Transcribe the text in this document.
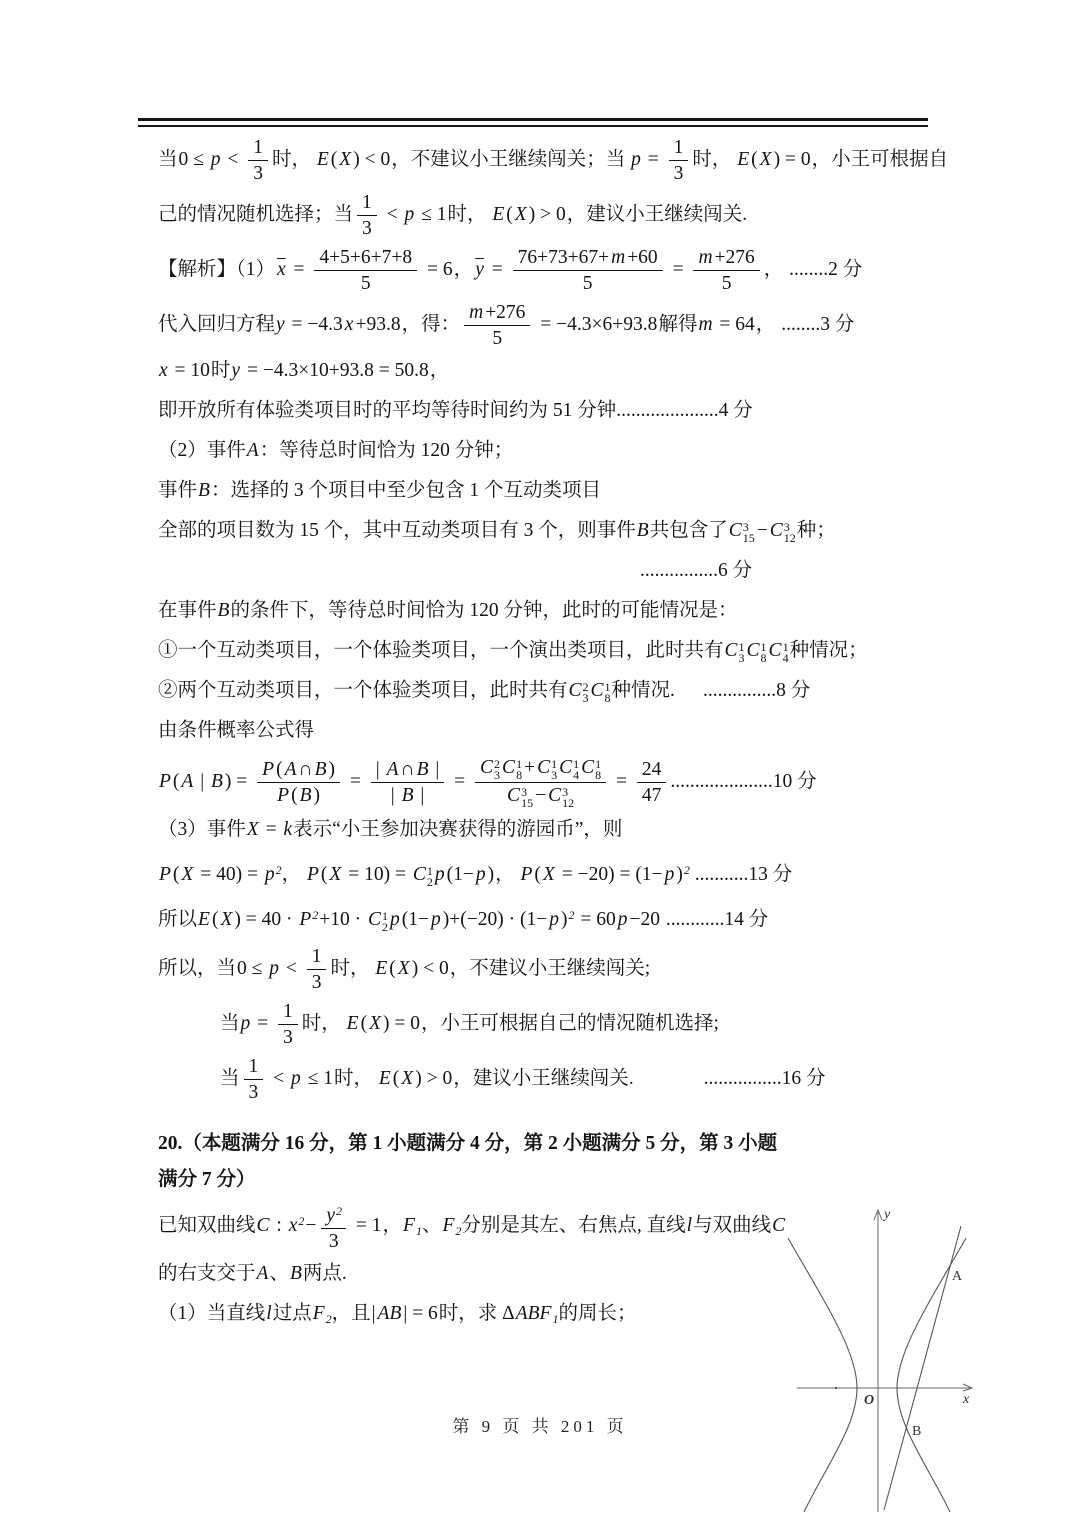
当$0 \le p < \frac{1}{3}$ 时， E ( X ) < 0，不建议小王继续闯关；当 $p = \frac{1}{3}$ 时， E ( X ) = 0，小王可根据自
己的情况随机选择；当 $\frac{1}{3} < p \le 1$时， E ( X ) > 0，建议小王继续闯关.
【解析】（1） $\overline{x} = \frac{4+5+6+7+8}{5} = 6$， $\overline{y} = \frac{76+73+67+ m +60}{5} = \frac{m +276}{5}$ ， ........2 分
代入回归方程y = −4.3 x +93.8，得： $\frac{m +276}{5} = -4.3\times 6+93.8$解得m = 64， ........3 分
x = 10时y = −4.3×10+93.8 = 50.8，
即开放所有体验类项目时的平均等待时间约为 51 分钟.....................4 分
（2）事件A：等待总时间恰为 120 分钟；
事件B：选择的 3 个项目中至少包含 1 个互动类项目
全部的项目数为 15 个，其中互动类项目有 3 个，则事件B共包含了C 3
15 − C 3
12 种；
................6 分
在事件B的条件下，等待总时间恰为 120 分钟，此时的可能情况是：
①一个互动类项目，一个体验类项目，一个演出类项目，此时共有C 1
3 C 1
8 C 1
4 种情况；
②两个互动类项目，一个体验类项目，此时共有C 2
3 C 1
8 种情况. ...............8 分
由条件概率公式得
P ( A | B ) = $\frac{P ( A \cap B )}{P ( B )} = \frac{| A \cap B |}{| B |} = C$ 2
3 C 1
8 + C 1
3 C 1
4 C 1
8
C 3
15 − C 3
$12 = \frac{24}{47} .....................10$ 分
（3）事件X = k表示“小王参加决赛获得的游园币”，则
P ( $X = 40) = p^2$， P ( X = 10) = C 1
2 p (1− p )， P ( X = −20) = (1− p )$^2$ ...........13 分
所以E ( X ) = $40 \cdot P^2+10 \cdot C$ 1
2 p (1− p )+(−20) · (1− p )$^2$ = 60 p −20 ............14 分
所以，当$0 \le p < \frac{1}{3}$ 时， E ( X ) < 0，不建议小王继续闯关;
当$p = \frac{1}{3}$ 时， E ( X ) = 0，小王可根据自己的情况随机选择;
当 $\frac{1}{3} < p \le 1$时， E ( X ) > 0，建议小王继续闯关.	................16 分
20.（本题满分 16 分，第 1 小题满分 4 分，第 2 小题满分 5 分，第 3 小题
满分 7 分）
已知双曲线C : $x^2- \frac{y^2}{3} = 1$，$F_1$、$F_2$分别是其左、右焦点, 直线l与双曲线C
的右支交于A、B两点.
（1）当直线l过点$F_2$，且| AB | = 6时，求 $\Delta ABF_1$的周长；
y
x
O
A
B
第 9 页 共 201 页
